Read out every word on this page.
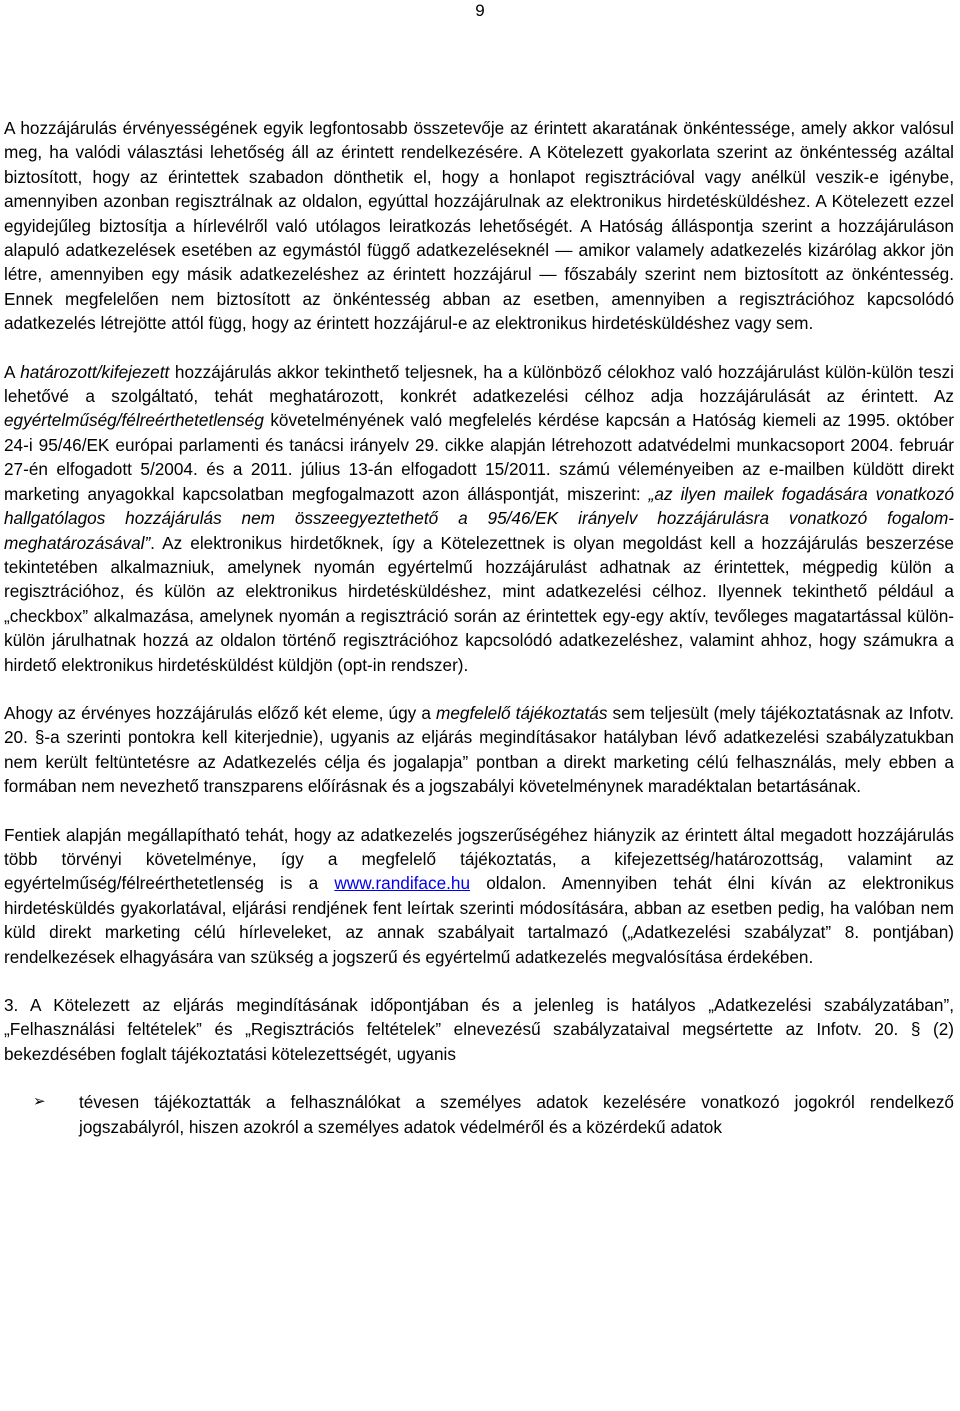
9

A hozzájárulás érvényességének egyik legfontosabb összetevője az érintett akaratának önkéntessége, amely akkor valósul meg, ha valódi választási lehetőség áll az érintett rendelkezésére. A Kötelezett gyakorlata szerint az önkéntesség azáltal biztosított, hogy az érintettek szabadon dönthetik el, hogy a honlapot regisztrációval vagy anélkül veszik-e igénybe, amennyiben azonban regisztrálnak az oldalon, egyúttal hozzájárulnak az elektronikus hirdetésküldéshez. A Kötelezett ezzel egyidejűleg biztosítja a hírlevélről való utólagos leiratkozás lehetőségét. A Hatóság álláspontja szerint a hozzájáruláson alapuló adatkezelések esetében az egymástól függő adatkezeléseknél — amikor valamely adatkezelés kizárólag akkor jön létre, amennyiben egy másik adatkezeléshez az érintett hozzájárul — főszabály szerint nem biztosított az önkéntesség. Ennek megfelelően nem biztosított az önkéntesség abban az esetben, amennyiben a regisztrációhoz kapcsolódó adatkezelés létrejötte attól függ, hogy az érintett hozzájárul-e az elektronikus hirdetésküldéshez vagy sem.

A határozott/kifejezett hozzájárulás akkor tekinthető teljesnek, ha a különböző célokhoz való hozzájárulást külön-külön teszi lehetővé a szolgáltató, tehát meghatározott, konkrét adatkezelési célhoz adja hozzájárulását az érintett. Az egyértelműség/félreérthetetlenség követelményének való megfelelés kérdése kapcsán a Hatóság kiemeli az 1995. október 24-i 95/46/EK európai parlamenti és tanácsi irányelv 29. cikke alapján létrehozott adatvédelmi munkacsoport 2004. február 27-én elfogadott 5/2004. és a 2011. július 13-án elfogadott 15/2011. számú véleményeiben az e-mailben küldött direkt marketing anyagokkal kapcsolatban megfogalmazott azon álláspontját, miszerint: „az ilyen mailek fogadására vonatkozó hallgatólagos hozzájárulás nem összeegyeztethető a 95/46/EK irányelv hozzájárulásra vonatkozó fogalom-meghatározásával”. Az elektronikus hirdetőknek, így a Kötelezettnek is olyan megoldást kell a hozzájárulás beszerzése tekintetében alkalmazniuk, amelynek nyomán egyértelmű hozzájárulást adhatnak az érintettek, mégpedig külön a regisztrációhoz, és külön az elektronikus hirdetésküldéshez, mint adatkezelési célhoz. Ilyennek tekinthető például a „checkbox” alkalmazása, amelynek nyomán a regisztráció során az érintettek egy-egy aktív, tevőleges magatartással külön-külön járulhatnak hozzá az oldalon történő regisztrációhoz kapcsolódó adatkezeléshez, valamint ahhoz, hogy számukra a hirdető elektronikus hirdetésküldést küldjön (opt-in rendszer).

Ahogy az érvényes hozzájárulás előző két eleme, úgy a megfelelő tájékoztatás sem teljesült (mely tájékoztatásnak az Infotv. 20. §-a szerinti pontokra kell kiterjednie), ugyanis az eljárás megindításakor hatályban lévő adatkezelési szabályzatukban nem került feltüntetésre az Adatkezelés célja és jogalapja” pontban a direkt marketing célú felhasználás, mely ebben a formában nem nevezhető transzparens előírásnak és a jogszabályi követelménynek maradéktalan betartásának.

Fentiek alapján megállapítható tehát, hogy az adatkezelés jogszerűségéhez hiányzik az érintett által megadott hozzájárulás több törvényi követelménye, így a megfelelő tájékoztatás, a kifejezettség/határozottság, valamint az egyértelműség/félreérthetetlenség is a www.randiface.hu oldalon. Amennyiben tehát élni kíván az elektronikus hirdetésküldés gyakorlatával, eljárási rendjének fent leírtak szerinti módosítására, abban az esetben pedig, ha valóban nem küld direkt marketing célú hírleveleket, az annak szabályait tartalmazó („Adatkezelési szabályzat” 8. pontjában) rendelkezések elhagyására van szükség a jogszerű és egyértelmű adatkezelés megvalósítása érdekében.

3. A Kötelezett az eljárás megindításának időpontjában és a jelenleg is hatályos „Adatkezelési szabályzatában”, „Felhasználási feltételek” és „Regisztrációs feltételek” elnevezésű szabályzataival megsértette az Infotv. 20. § (2) bekezdésében foglalt tájékoztatási kötelezettségét, ugyanis

➢ tévesen tájékoztatták a felhasználókat a személyes adatok kezelésére vonatkozó jogokról rendelkező jogszabályról, hiszen azokról a személyes adatok védelméről és a közérdekű adatok
